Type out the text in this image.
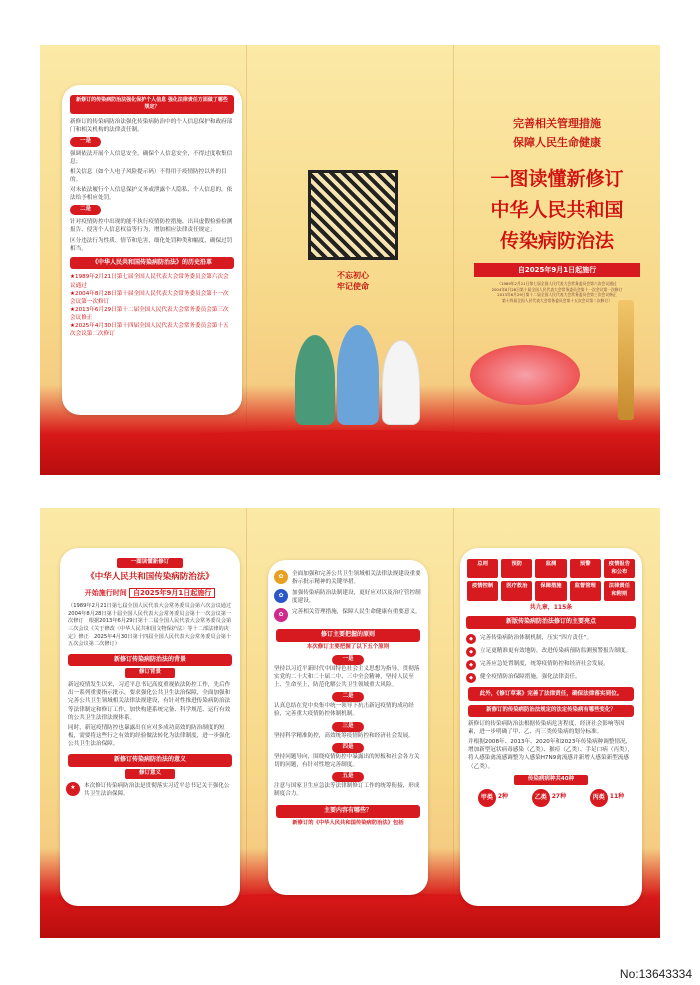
新修订的传染病防治法强化保护个人信息 强化法律责任方面做了哪些规定？
新修订的传染病防治法强化传染病防治中的个人信息保护和政府部门和相关机构的法律责任制。
一是
强调依法开展个人信息安全，确保个人信息安全，不得过度收集信息；
相关信息（如个人电子风险提示码）不得用于疫情防控以外的目的。
对未依法履行个人信息保护义务或泄露个人隐私、个人信息的，依法给予相应处罚。
二是
针对疫情防控中出现的能不执行疫情防控措施、出具虚假检验检测报告、侵害个人信息权益等行为，增加相应法律责任规定；
区分违法行为性质、情节和危害，细化处罚种类和幅度，确保过罚相当。
《中华人民共和国传染病防治法》的历史沿革
★1989年2月21日第七届全国人民代表大会常务委员会第六次会议通过
★2004年8月28日第十届全国人民代表大会常务委员会第十一次会议第一次修订
★2013年6月29日第十二届全国人民代表大会常务委员会第三次会议修正
★2025年4月30日第十四届全国人民代表大会常务委员会第十五次会议第二次修订
不忘初心
牢记使命
完善相关管理措施
保障人民生命健康
一图读懂新修订
中华人民共和国
传染病防治法
自2025年9月1日起施行
（1989年2月21日第七届全国人民代表大会常务委员会第六次会议通过
2004年8月28日第十届全国人民代表大会常务委员会第十一次会议第一次修订
2013年6月29日第十二届全国人民代表大会常务委员会第三次会议修正
第十四届全国人民代表大会常务委员会第十五次会议第二次修订）
一图读懂新修订
《中华人民共和国传染病防治法》
开始施行时间 自2025年9月1日起施行
（1989年2月21日第七届全国人民代表大会常务委员会第六次会议通过　2004年8月28日第十届全国人民代表大会常务委员会第十一次会议第一次修订　根据2013年6月29日第十二届全国人民代表大会常务委员会第三次会议《关于修改〈中华人民共和国文物保护法〉等十二部法律的决定》修正　2025年4月30日第十四届全国人民代表大会常务委员会第十五次会议第二次修订）
新修订传染病防治法的背景
修订背景
新冠疫情发生以来，习近平总书记高度重视依法防控工作，先后作出一系列重要指示批示，要求强化公共卫生法治保障，全面加强和完善公共卫生领域相关法律法规建设，有针对性推进传染病防治法等法律制定和修订工作，加快构建系统完备、科学规范、运行有效的公共卫生法律法规体系。
同时，新冠疫情防控也暴露出在应对多成功高效的防治制度的短板，需要将这些行之有效的经验做法转化为法律制度，进一步强化公共卫生法治保障。
新修订传染病防治法的意义
修订意义
★	本次修订传染病防治法是贯彻落实习近平总书记关于强化公共卫生法治保障。
✿	全面加强和完善公共卫生领域相关法律法规建设重要指示批示精神的关键举措。
✿	加强传染病防治法制建设，更好应对以及治疗管控制度建设。
✿	完善相关管理措施，保障人民生命健康有重要意义。
修订主要把握的原则
本次修订主要把握了以下五个原则
一是
坚持以习近平新时代中国特色社会主义思想为指导，贯彻落实党的二十大和二十届二中、三中全会精神，坚持人民至上、生命至上，防范化解公共卫生领域重大风险。
二是
认真总结在党中央集中统一领导下抗击新冠疫情的成功经验，完善重大疫情防控体制机制。
三是
坚持科学精准防控，高效统筹疫情防控和经济社会发展。
四是
坚持问题导向，围绕疫情防控中暴露出的短板和社会各方关切的问题，有针对性地完善制度。
五是
注意与国家卫生应急法等法律制修订工作的统筹衔接，形成制度合力。
主要内容有哪些？
新修订的《中华人民共和国传染病防治法》包括
总则	预防	监测	预警	疫情报告和公布
疫情控制	医疗救治	保障措施	监督管理	法律责任和附则
共九章，115条
新版传染病防治法修订的主要亮点
◆	完善传染病防治体制机制，压实“四方责任”。
◆	立足更精准更有效地防，改进传染病预防监测预警报告制度。
◆	完善应急处置制度，统筹疫情防控和经济社会发展。
◆	健全疫情防治保障措施，强化法律责任。
此外，《修订草案》完善了法律责任，确保法律落实到位。
新修订的传染病防治法规定的法定传染病有哪些变化？
新修订的传染病防治法根据传染病危害程度、经济社会影响等因素，进一步明确了甲、乙、丙三类传染病的划分标准。
并根据2008年、2013年、2020年和2023年传染病种调整情况，增加新型冠状病毒感染（乙类）、猴痘（乙类）、手足口病（丙类），将人感染禽流感调整为人感染H7N9禽流感并新增人感染新型流感（乙类）。
传染病病种共40种
甲类 2种	乙类 27种	丙类 11种
No:13643334
